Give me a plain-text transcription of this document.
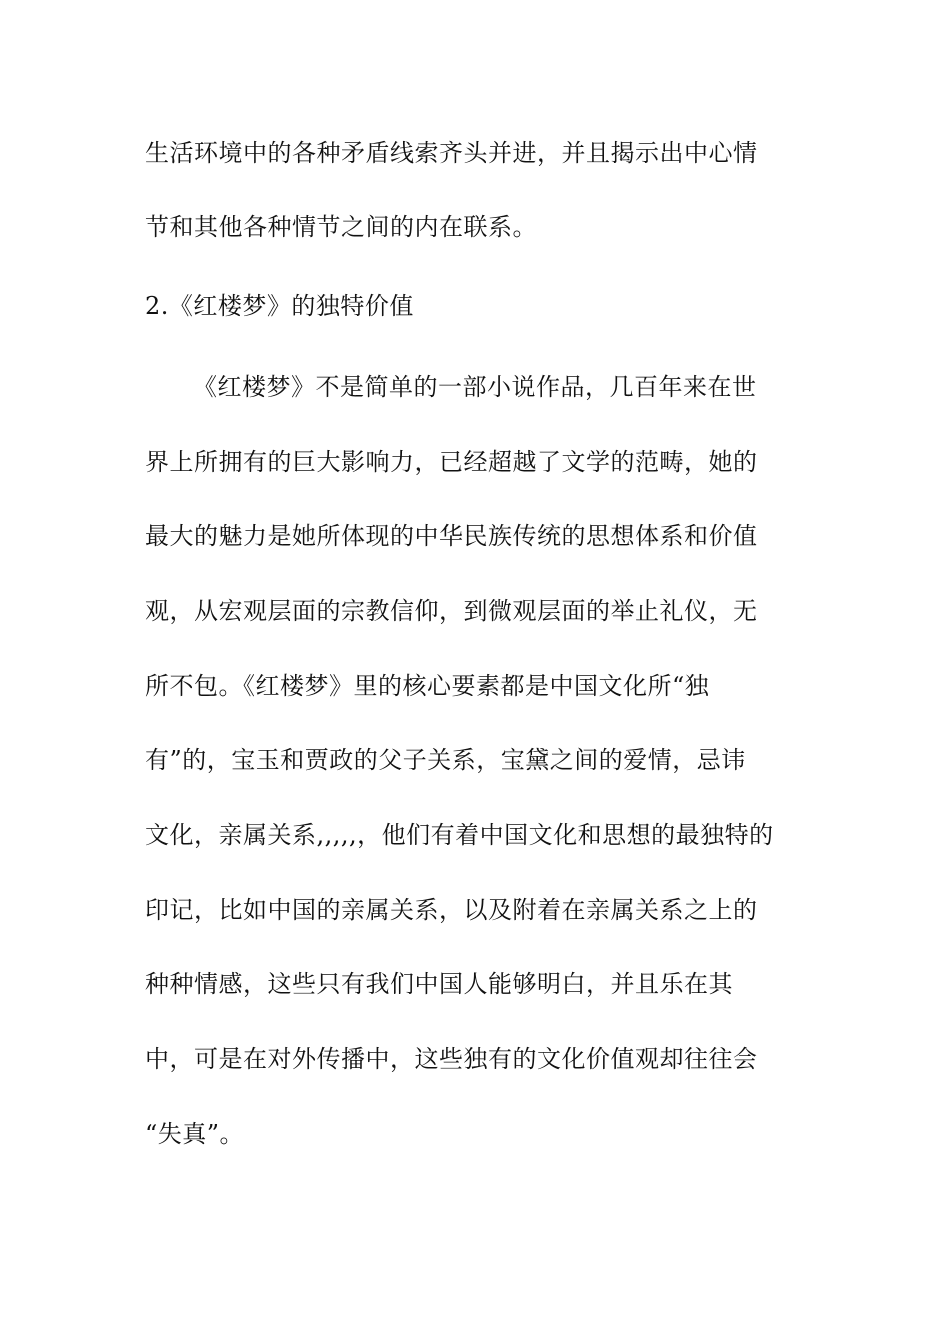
生活环境中的各种矛盾线索齐头并进，并且揭示出中心情
节和其他各种情节之间的内在联系。
2.《红楼梦》的独特价值
《红楼梦》不是简单的一部小说作品，几百年来在世
界上所拥有的巨大影响力，已经超越了文学的范畴，她的
最大的魅力是她所体现的中华民族传统的思想体系和价值
观，从宏观层面的宗教信仰，到微观层面的举止礼仪，无
所不包。《红楼梦》里的核心要素都是中国文化所“独
有”的，宝玉和贾政的父子关系，宝黛之间的爱情，忌讳
文化，亲属关系,,,,,，他们有着中国文化和思想的最独特的
印记，比如中国的亲属关系，以及附着在亲属关系之上的
种种情感，这些只有我们中国人能够明白，并且乐在其
中，可是在对外传播中，这些独有的文化价值观却往往会
“失真”。
